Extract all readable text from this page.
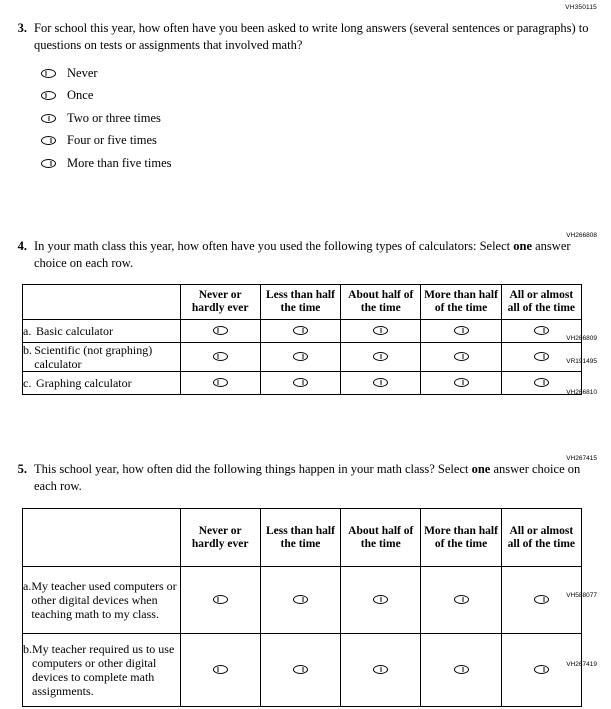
VH350115
3. For school this year, how often have you been asked to write long answers (several sentences or paragraphs) to questions on tests or assignments that involved math?
Never
Once
Two or three times
Four or five times
More than five times
VH266808
4. In your math class this year, how often have you used the following types of calculators: Select one answer choice on each row.
	Never or hardly ever	Less than half the time	About half of the time	More than half of the time	All or almost all of the time

a. Basic calculator					

b. Scientific (not graphing) calculator					

c. Graphing calculator					

VH266809
VR191495
VH266810
VH267415
5. This school year, how often did the following things happen in your math class? Select one answer choice on each row.
	Never or hardly ever	Less than half the time	About half of the time	More than half of the time	All or almost all of the time

a. My teacher used computers or other digital devices when teaching math to my class.					

b. My teacher required us to use computers or other digital devices to complete math assignments.					

VH588077
VH267419
